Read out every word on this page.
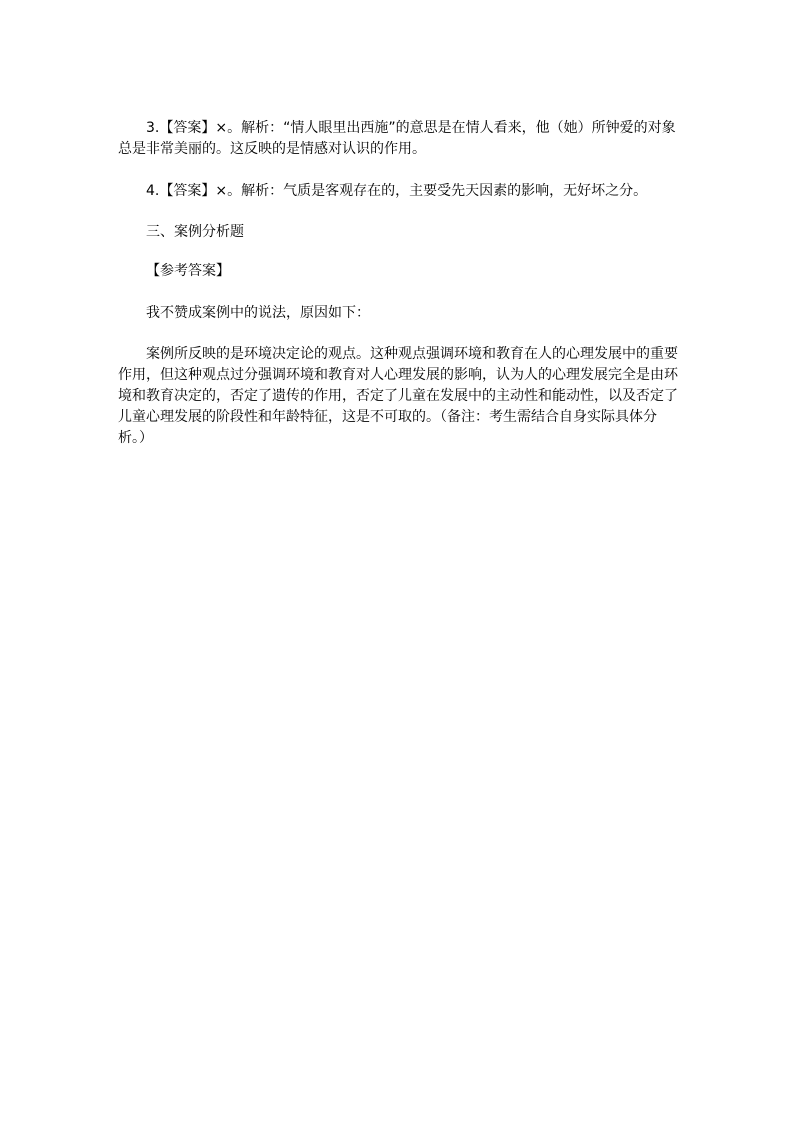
3.【答案】×。解析：“情人眼里出西施”的意思是在情人看来，他（她）所钟爱的对象总是非常美丽的。这反映的是情感对认识的作用。

4.【答案】×。解析：气质是客观存在的，主要受先天因素的影响，无好坏之分。

三、案例分析题

【参考答案】

我不赞成案例中的说法，原因如下：

案例所反映的是环境决定论的观点。这种观点强调环境和教育在人的心理发展中的重要作用，但这种观点过分强调环境和教育对人心理发展的影响，认为人的心理发展完全是由环境和教育决定的，否定了遗传的作用，否定了儿童在发展中的主动性和能动性，以及否定了儿童心理发展的阶段性和年龄特征，这是不可取的。（备注：考生需结合自身实际具体分析。）
